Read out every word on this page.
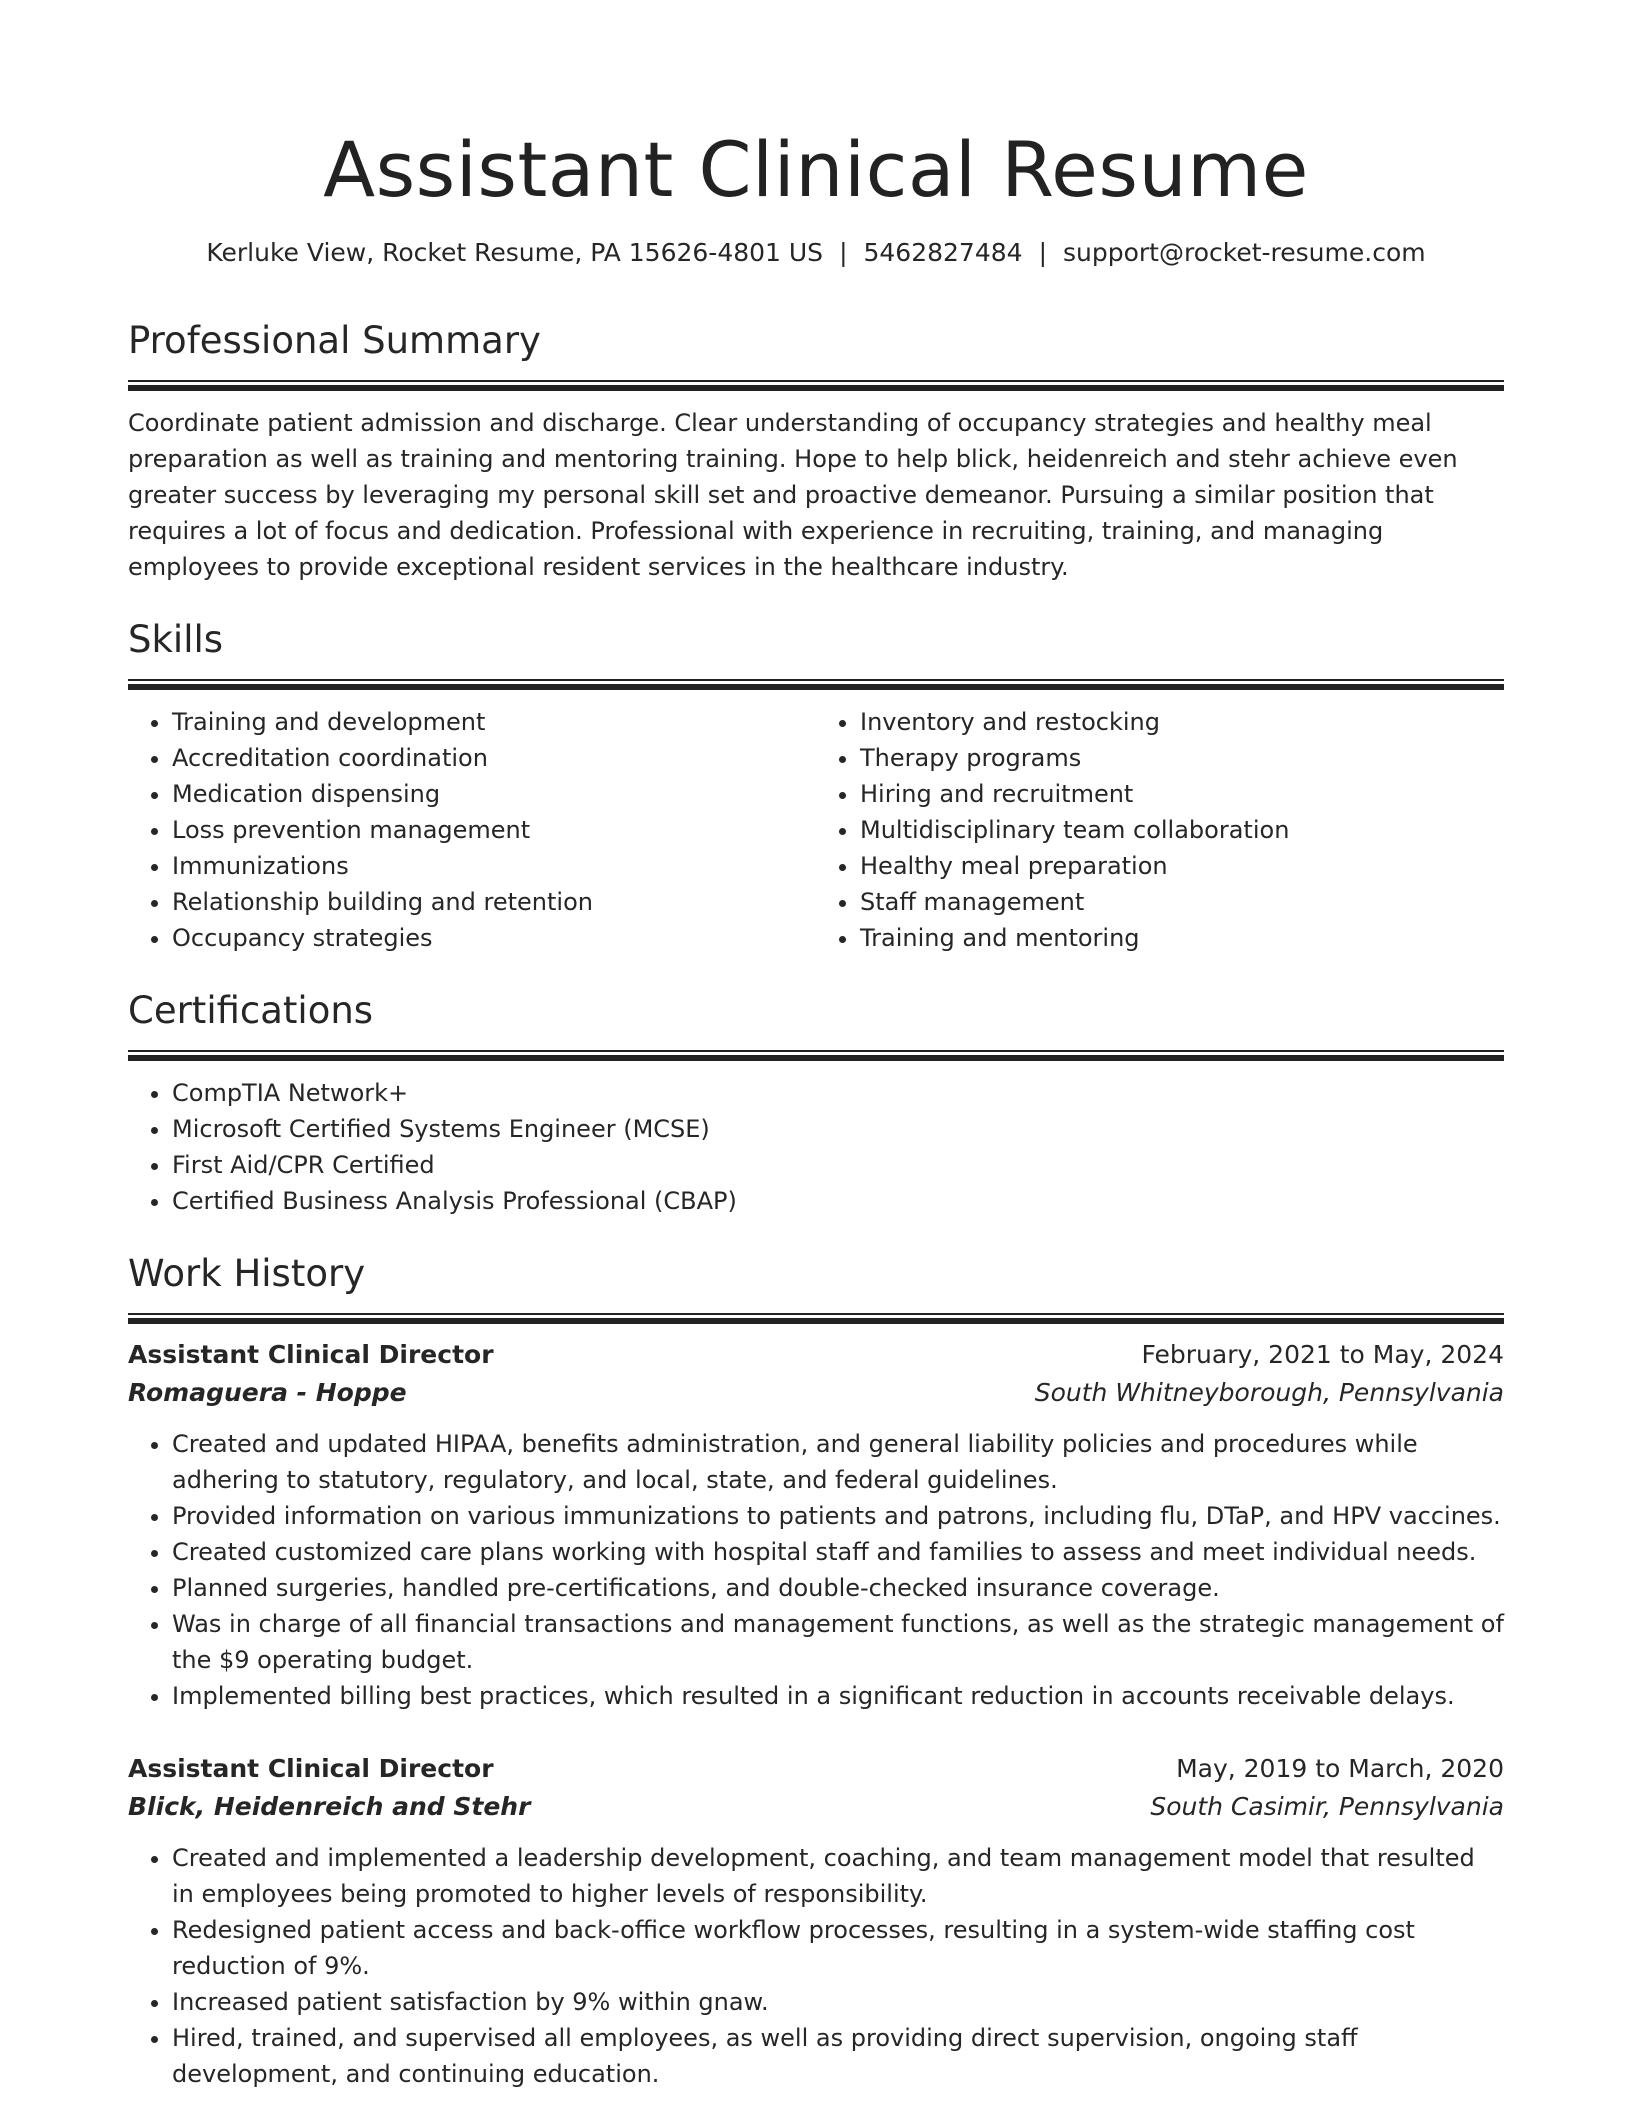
Assistant Clinical Resume
Kerluke View, Rocket Resume, PA 15626-4801 US | 5462827484 | support@rocket-resume.com
Professional Summary

Coordinate patient admission and discharge. Clear understanding of occupancy strategies and healthy meal preparation as well as training and mentoring training. Hope to help blick, heidenreich and stehr achieve even greater success by leveraging my personal skill set and proactive demeanor. Pursuing a similar position that requires a lot of focus and dedication. Professional with experience in recruiting, training, and managing employees to provide exceptional resident services in the healthcare industry.

Skills
• Training and development
• Accreditation coordination
• Medication dispensing
• Loss prevention management
• Immunizations
• Relationship building and retention
• Occupancy strategies
• Inventory and restocking
• Therapy programs
• Hiring and recruitment
• Multidisciplinary team collaboration
• Healthy meal preparation
• Staff management
• Training and mentoring
Certifications
• CompTIA Network+
• Microsoft Certified Systems Engineer (MCSE)
• First Aid/CPR Certified
• Certified Business Analysis Professional (CBAP)
Work History
Assistant Clinical Director	February, 2021 to May, 2024
Romaguera - Hoppe	South Whitneyborough, Pennsylvania
• Created and updated HIPAA, benefits administration, and general liability policies and procedures while adhering to statutory, regulatory, and local, state, and federal guidelines.
• Provided information on various immunizations to patients and patrons, including flu, DTaP, and HPV vaccines.
• Created customized care plans working with hospital staff and families to assess and meet individual needs.
• Planned surgeries, handled pre-certifications, and double-checked insurance coverage.
• Was in charge of all financial transactions and management functions, as well as the strategic management of the $9 operating budget.
• Implemented billing best practices, which resulted in a significant reduction in accounts receivable delays.
Assistant Clinical Director	May, 2019 to March, 2020
Blick, Heidenreich and Stehr	South Casimir, Pennsylvania
• Created and implemented a leadership development, coaching, and team management model that resulted in employees being promoted to higher levels of responsibility.
• Redesigned patient access and back-office workflow processes, resulting in a system-wide staffing cost reduction of 9%.
• Increased patient satisfaction by 9% within gnaw.
• Hired, trained, and supervised all employees, as well as providing direct supervision, ongoing staff development, and continuing education.
